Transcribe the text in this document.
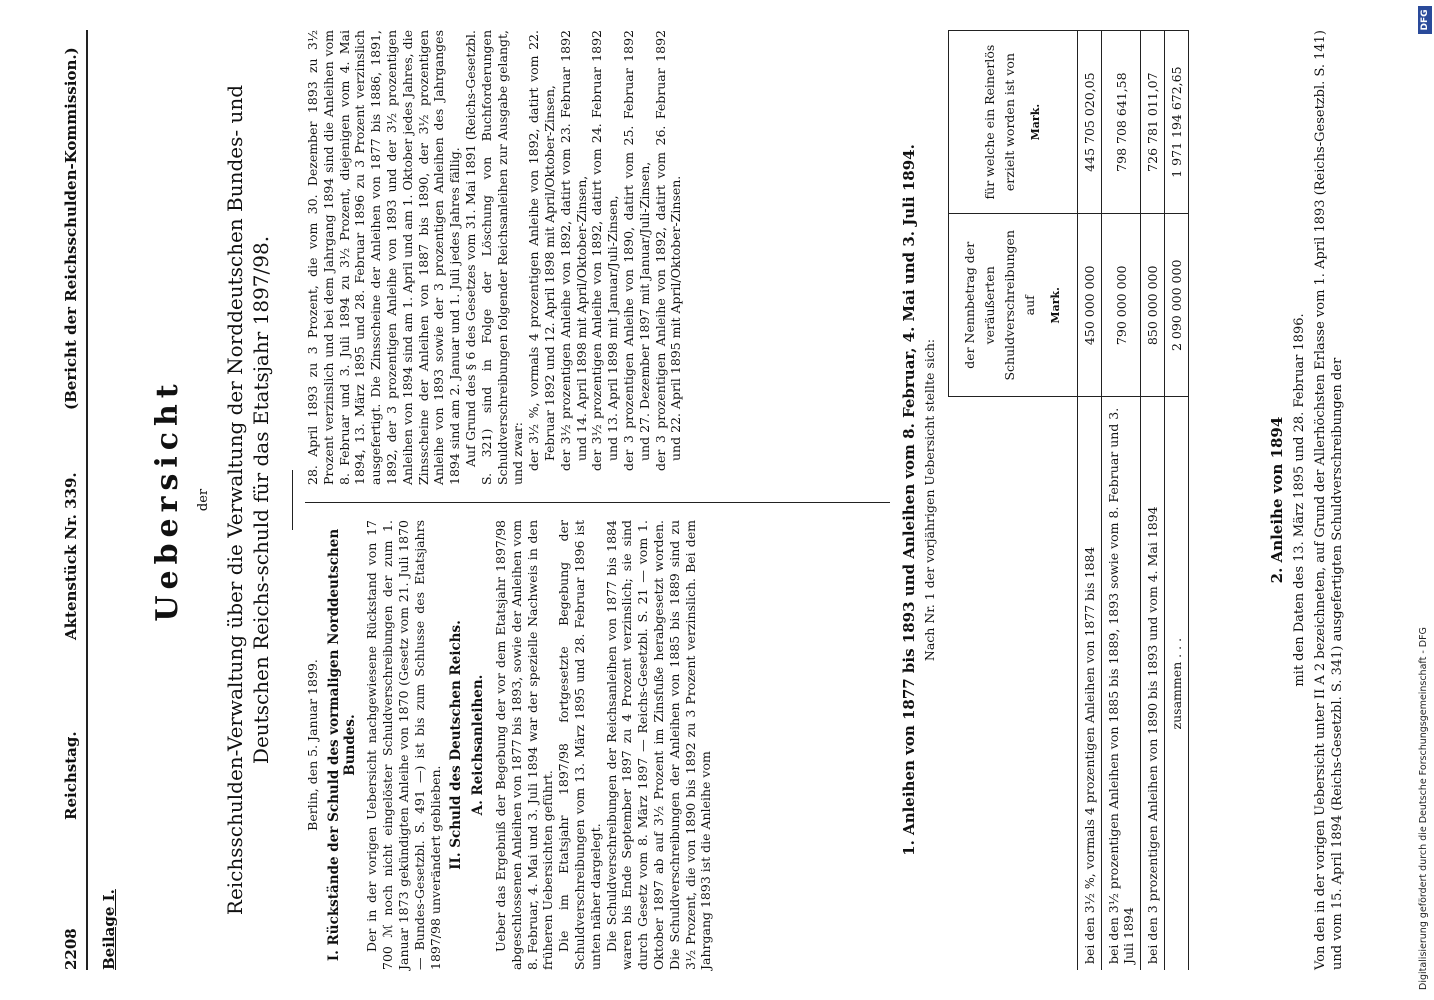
2208
Reichstag.
Aktenstück Nr. 339.
(Bericht der Reichsschulden-Kommission.)
Beilage I.
Uebersicht der Reichsschulden-Verwaltung über die Verwaltung der Norddeutschen Bundes- und Deutschen Reichs-schuld für das Etatsjahr 1897/98.	Berlin, den 5. Januar 1899. I. Rückstände der Schuld des vormaligen Norddeutschen Bundes. Der in der vorigen Uebersicht nachgewiesene Rückstand von 17 700 ℳ noch nicht eingelöster Schuldverschreibungen der zum 1. Januar 1873 gekündigten Anleihe von 1870 (Gesetz vom 21. Juli 1870 — Bundes-Gesetzbl. S. 491 —) ist bis zum Schlusse des Etatsjahrs 1897/98 unverändert geblieben. II. Schuld des Deutschen Reichs. A. Reichsanleihen. Ueber das Ergebniß der Begebung der vor dem Etatsjahr 1897/98 abgeschlossenen Anleihen von 1877 bis 1893, sowie der Anleihen vom 8. Februar, 4. Mai und 3. Juli 1894 war der spezielle Nachweis in den früheren Uebersichten geführt. Die im Etatsjahr 1897/98 fortgesetzte Begebung der Schuldverschreibungen vom 13. März 1895 und 28. Februar 1896 ist unten näher dargelegt. Die Schuldverschreibungen der Reichsanleihen von 1877 bis 1884 waren bis Ende September 1897 zu 4 Prozent verzinslich; sie sind durch Gesetz vom 8. März 1897 — Reichs-Gesetzbl. S. 21 — vom 1. Oktober 1897 ab auf 3½ Prozent im Zinsfuße herabgesetzt worden. Die Schuldverschreibungen der Anleihen von 1885 bis 1889 sind zu 3½ Prozent, die von 1890 bis 1892 zu 3 Prozent verzinslich. Bei dem Jahrgang 1893 ist die Anleihe vom

28. April 1893 zu 3 Prozent, die vom 30. Dezember 1893 zu 3½ Prozent verzinslich und bei dem Jahrgang 1894 sind die Anleihen vom 8. Februar und 3. Juli 1894 zu 3½ Prozent, diejenigen vom 4. Mai 1894, 13. März 1895 und 28. Februar 1896 zu 3 Prozent verzinslich ausgefertigt. Die Zinsscheine der Anleihen von 1877 bis 1886, 1891, 1892, der 3 prozentigen Anleihe von 1893 und der 3½ prozentigen Anleihen von 1894 sind am 1. April und am 1. Oktober jedes Jahres, die Zinsscheine der Anleihen von 1887 bis 1890, der 3½ prozentigen Anleihe von 1893 sowie der 3 prozentigen Anleihen des Jahrganges 1894 sind am 2. Januar und 1. Juli jedes Jahres fällig. Auf Grund des § 6 des Gesetzes vom 31. Mai 1891 (Reichs-Gesetzbl. S. 321) sind in Folge der Löschung von Buchforderungen Schuldverschreibungen folgender Reichsanleihen zur Ausgabe gelangt, und zwar: der 3½ %, vormals 4 prozentigen Anleihe von 1892, datirt vom 22. Februar 1892 und 12. April 1898 mit April/Oktober-Zinsen, der 3½ prozentigen Anleihe von 1892, datirt vom 23. Februar 1892 und 14. April 1898 mit April/Oktober-Zinsen, der 3½ prozentigen Anleihe von 1892, datirt vom 24. Februar 1892 und 13. April 1898 mit Januar/Juli-Zinsen, der 3 prozentigen Anleihe von 1890, datirt vom 25. Februar 1892 und 27. Dezember 1897 mit Januar/Juli-Zinsen, der 3 prozentigen Anleihe von 1892, datirt vom 26. Februar 1892 und 22. April 1895 mit April/Oktober-Zinsen.	1. Anleihen von 1877 bis 1893 und Anleihen vom 8. Februar, 4. Mai und 3. Juli 1894. Nach Nr. 1 der vorjährigen Uebersicht stellte sich:
	der Nennbetrag der veräußerten Schuldverschreibungen auf Mark.	für welche ein Reinerlös erzielt worden ist von Mark.

bei den 3½ %, vormals 4 prozentigen Anleihen von 1877 bis 1884	450 000 000	445 705 020,05
bei den 3½ prozentigen Anleihen von 1885 bis 1889, 1893 sowie vom 8. Februar und 3. Juli 1894	790 000 000	798 708 641,58
bei den 3 prozentigen Anleihen von 1890 bis 1893 und vom 4. Mai 1894	850 000 000	726 781 011,07
zusammen . . .	2 090 000 000	1 971 194 672,65
2. Anleihe von 1894 mit den Daten des 13. März 1895 und 28. Februar 1896. Von den in der vorigen Uebersicht unter II A 2 bezeichneten, auf Grund der Allerhöchsten Erlasse vom 1. April 1893 (Reichs-Gesetzbl. S. 141) und vom 15. April 1894 (Reichs-Gesetzbl. S. 341) ausgefertigten Schuldverschreibungen der
DFG
Digitalisierung gefördert durch die Deutsche Forschungsgemeinschaft - DFG
